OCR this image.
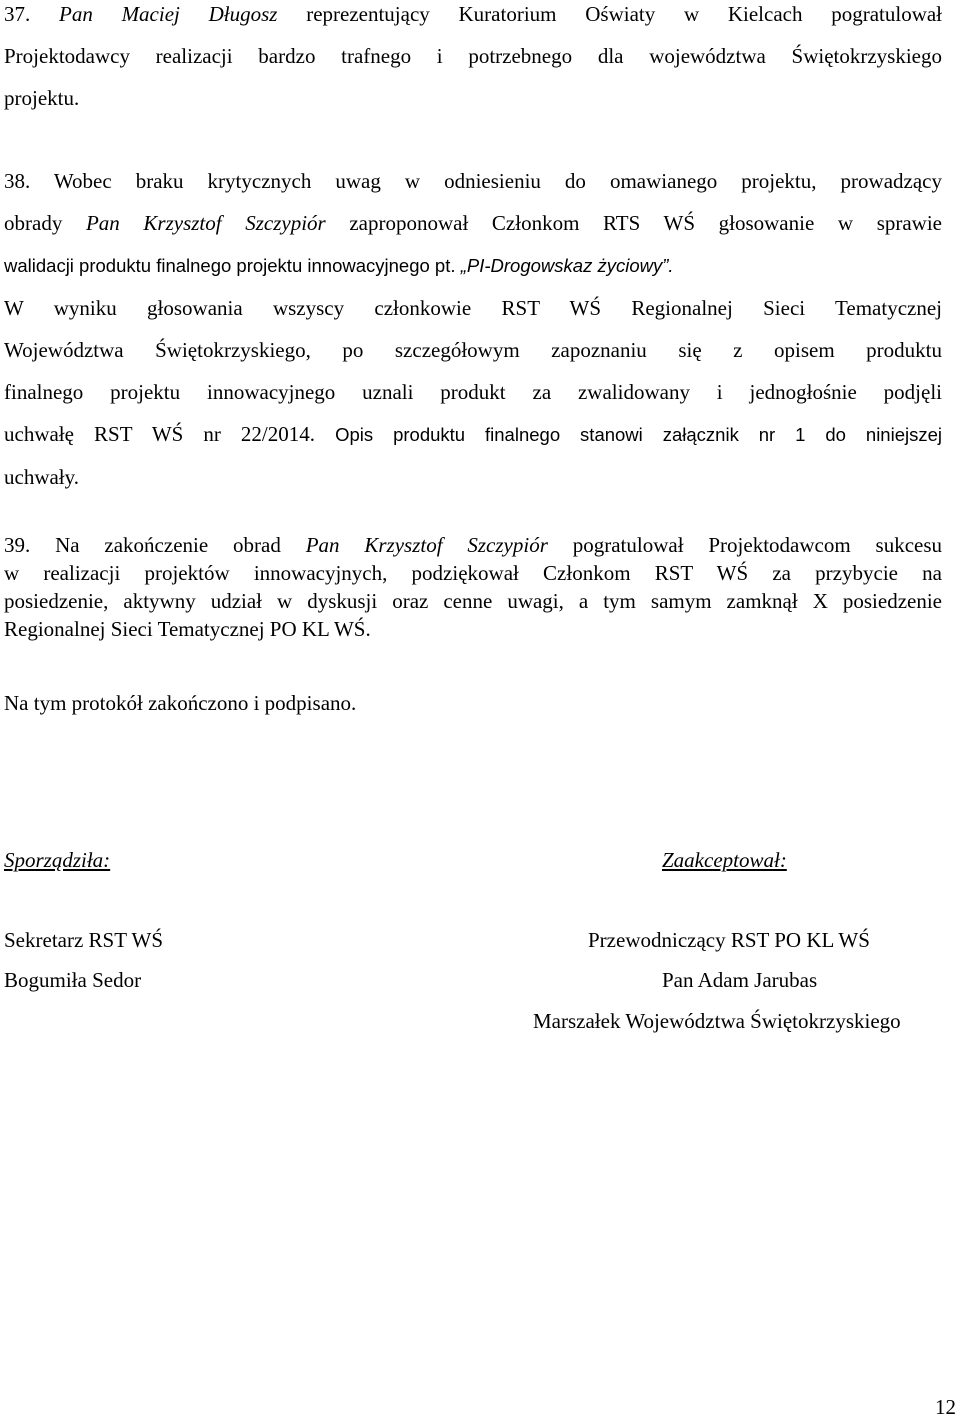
37. Pan Maciej Długosz reprezentujący Kuratorium Oświaty w Kielcach pogratulował
Projektodawcy realizacji bardzo trafnego i potrzebnego dla województwa Świętokrzyskiego
projektu.
38. Wobec braku krytycznych uwag w odniesieniu do omawianego projektu, prowadzący
obrady Pan Krzysztof Szczypiór zaproponował Członkom RTS WŚ głosowanie w sprawie
walidacji produktu finalnego projektu innowacyjnego pt. „PI-Drogowskaz życiowy”.
W wyniku głosowania wszyscy członkowie RST WŚ Regionalnej Sieci Tematycznej
Województwa Świętokrzyskiego, po szczegółowym zapoznaniu się z opisem produktu
finalnego projektu innowacyjnego uznali produkt za zwalidowany i jednogłośnie podjęli
uchwałę RST WŚ nr 22/2014. Opis produktu finalnego stanowi załącznik nr 1 do niniejszej
uchwały.
39. Na zakończenie obrad Pan Krzysztof Szczypiór pogratulował Projektodawcom sukcesu
w realizacji projektów innowacyjnych, podziękował Członkom RST WŚ za przybycie na
posiedzenie, aktywny udział w dyskusji oraz cenne uwagi, a tym samym zamknął X posiedzenie
Regionalnej Sieci Tematycznej PO KL WŚ.

Na tym protokół zakończono i podpisano.

Sporządziła:

Sekretarz RST WŚ

Bogumiła Sedor

Zaakceptował:

Przewodniczący RST PO KL WŚ

Pan Adam Jarubas

Marszałek Województwa Świętokrzyskiego

12
